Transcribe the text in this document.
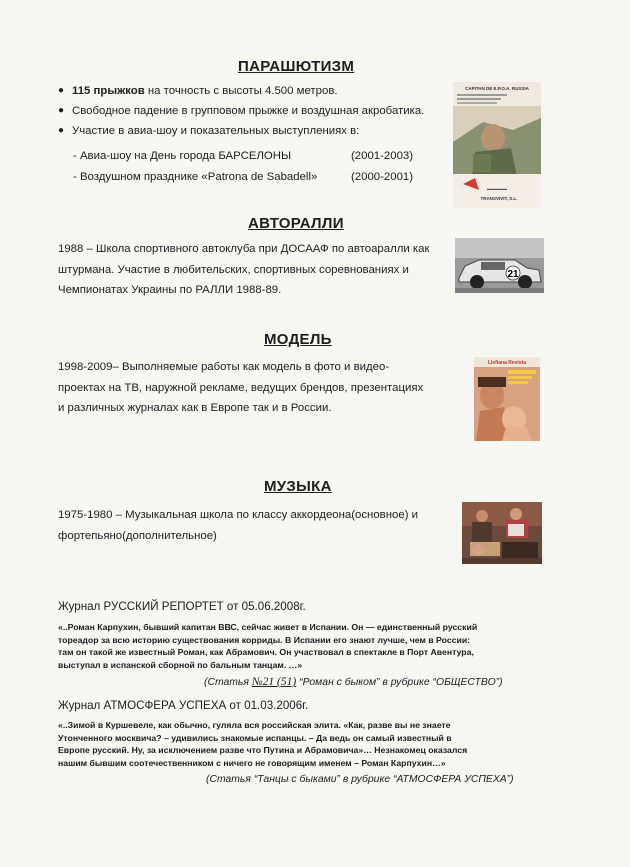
ПАРАШЮТИЗМ
● 115 прыжков на точность с высоты 4.500 метров.
● Свободное падение в групповом прыжке и воздушная акробатика.
● Участие в авиа-шоу и показательных выступлениях в:
- Авиа-шоу на День города БАРСЕЛОНЫ	(2001-2003)
- Воздушном празднике «Patrona de Sabadell»	(2000-2001)
CAPITAN DE E.P.O.A. RUSSIA
▬▬▬▬▬
TRANSVIVIT, S.L.
АВТОРАЛЛИ
1988 – Школа спортивного автоклуба при ДОСААФ по автоаралли как
штурмана. Участие в любительских, спортивных соревнованиях и
Чемпионатах Украины по РАЛЛИ 1988-89.
21
МОДЕЛЬ
1998-2009– Выполняемые работы как модель в фото и видео-
проектах на ТВ, наружной рекламе, ведущих брендов, презентациях
и различных журналах как в Европе так и в России.
Llefiana Revista
МУЗЫКА
1975-1980 – Музыкальная школа по классу аккордеона(основное) и
фортепьяно(дополнительное)
Журнал РУССКИЙ РЕПОРТЕТ от 05.06.2008г.
«..Роман Карпухин, бывший капитан ВВС, сейчас живет в Испании. Он — единственный русский
тореадор за всю историю существования корриды. В Испании его знают лучше, чем в России:
там он такой же известный Роман, как Абрамович. Он участвовал в спектакле в Порт Авентура,
выступал в испанской сборной по бальным танцам. …»
(Статья №21 (51) “Роман с быком” в рубрике “ОБЩЕСТВО”)
Журнал АТМОСФЕРА УСПЕХА от 01.03.2006г.
«..Зимой в Куршевеле, как обычно, гуляла вся российская элита. «Как, разве вы не знаете
Утонченного москвича? – удивились знакомые испанцы. – Да ведь он самый известный в
Европе русский. Ну, за исключением разве что Путина и Абрамовича»… Незнакомец оказался
нашим бывшим соотечественником с ничего не говорящим именем – Роман Карпухин…»
(Статья “Танцы с быками” в рубрике “АТМОСФЕРА УСПЕХА”)
